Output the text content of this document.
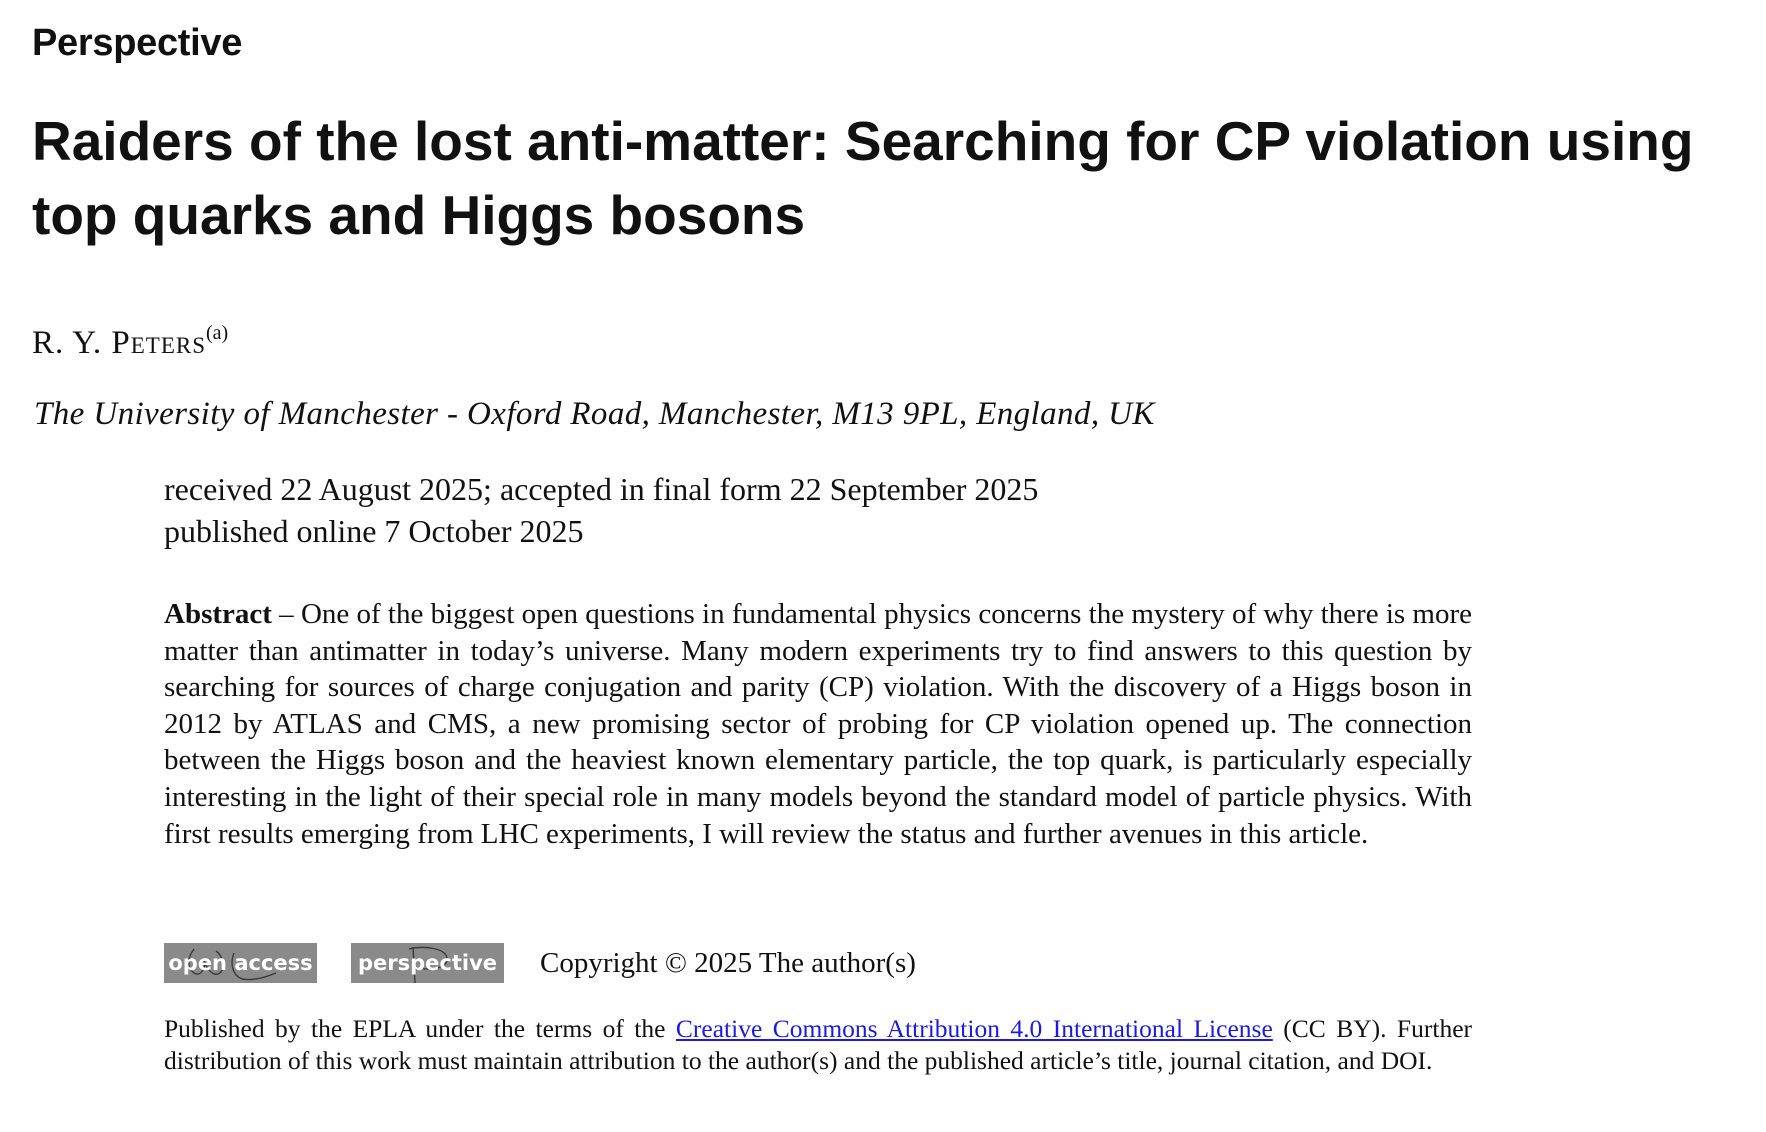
Perspective
Raiders of the lost anti-matter: Searching for CP violation using top quarks and Higgs bosons
R. Y. Peters$^{(a)}$
The University of Manchester - Oxford Road, Manchester, M13 9PL, England, UK
received 22 August 2025; accepted in final form 22 September 2025
published online 7 October 2025

Abstract – One of the biggest open questions in fundamental physics concerns the mystery of why there is more matter than antimatter in today’s universe. Many modern experiments try to find answers to this question by searching for sources of charge conjugation and parity (CP) violation. With the discovery of a Higgs boson in 2012 by ATLAS and CMS, a new promising sector of probing for CP violation opened up. The connection between the Higgs boson and the heaviest known elementary particle, the top quark, is particularly especially interesting in the light of their special role in many models beyond the standard model of particle physics. With first results emerging from LHC experiments, I will review the status and further avenues in this article.

open access perspective Copyright © 2025 The author(s)

Published by the EPLA under the terms of the Creative Commons Attribution 4.0 International License (CC BY). Further distribution of this work must maintain attribution to the author(s) and the published article’s title, journal citation, and DOI.
